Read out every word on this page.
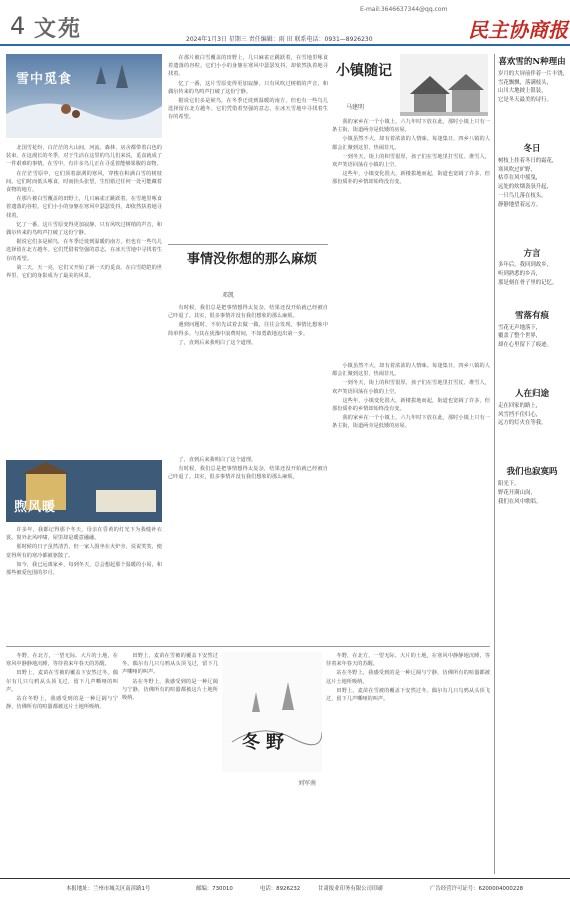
4 文苑
E-mail:3646637344@qq.com
2024年1月3日 星期三 责任编辑：雨 田 联系电话：0931—8926230	民主协商报
雪中觅食

北国雪花纷，白茫茫的大山间，河流、森林、房舍都带着白色的装束，在这漫长的冬季，对于生活在这里的鸟儿们来说，觅食就成了一件艰难的事情。在雪中，有许多鸟儿正在寻觅着能够果腹的食物。

在茫茫雪原中，它们顶着凛冽的寒风，穿梭在积满白雪的树枝间。它们时而低头啄食，时而抬头张望，生怕错过任何一处可能藏着食物的地方。

在那片被白雪覆盖的田野上，几只麻雀正跳跃着，在雪地里啄食着遗落的谷粒。它们小小的身躯在寒风中瑟瑟发抖，却依然执着地寻找着。

忆了一番，这片雪原变得更加寂静。只有风吹过树梢的声音，和偶尔传来的鸟鸣声打破了这份宁静。

据说它们多是候鸟，在冬季迁徙到温暖的南方，但也有一些鸟儿选择留在北方越冬。它们凭借着坚强的意志，在冰天雪地中寻找着生存的希望。

第二天，天一亮，它们又开始了新一天的觅食。在白雪皑皑的世界里，它们的身影成为了最美的风景。

在那片被白雪覆盖的田野上，几只麻雀正跳跃着，在雪地里啄食着遗落的谷粒。它们小小的身躯在寒风中瑟瑟发抖，却依然执着地寻找着。

忆了一番，这片雪原变得更加寂静。只有风吹过树梢的声音，和偶尔传来的鸟鸣声打破了这份宁静。

据说它们多是候鸟，在冬季迁徙到温暖的南方，但也有一些鸟儿选择留在北方越冬。它们凭借着坚强的意志，在冰天雪地中寻找着生存的希望。

小镇随记
马建明

我的家乡在一个小镇上，六九年时下放在此，那时小镇上只有一条主街，街道两旁是低矮的房屋。

小镇虽然不大，却有着浓浓的人情味。每逢集日，四乡八镇的人都会汇聚到这里，热闹非凡。

一到冬天，街上的积雪很厚，孩子们在雪地里打雪仗、堆雪人，欢声笑语回荡在小镇的上空。

这些年，小镇变化很大，新楼拔地而起，街道也宽阔了许多，但那份质朴的乡情却始终没有变。

事情没你想的那么麻烦
邓凯

有时候，我们总是把事情想得太复杂，结果还没开始就已经被自己吓退了。其实，很多事情并没有我们想象的那么麻烦。

遇到问题时，不妨先试着去做一做，往往会发现，事情比想象中简单得多。与其在犹豫中浪费时间，不如勇敢地迈出第一步。

了，直到后来我明白了这个道理。

了，直到后来我明白了这个道理。

有时候，我们总是把事情想得太复杂，结果还没开始就已经被自己吓退了。其实，很多事情并没有我们想象的那么麻烦。

煦风暖

许多年，我都记得那个冬天，母亲在昏黄的灯光下为我缝补衣裳。窗外北风呼啸，屋里却是暖意融融。

那时候的日子虽然清苦，但一家人围坐在火炉旁，说说笑笑，便觉得所有的寒冷都被驱散了。

如今，我已远离家乡，每到冬天，总会想起那个温暖的小屋，和那些被爱包围的岁月。

小镇虽然不大，却有着浓浓的人情味。每逢集日，四乡八镇的人都会汇聚到这里，热闹非凡。

一到冬天，街上的积雪很厚，孩子们在雪地里打雪仗、堆雪人，欢声笑语回荡在小镇的上空。

这些年，小镇变化很大，新楼拔地而起，街道也宽阔了许多，但那份质朴的乡情却始终没有变。

我的家乡在一个小镇上，六九年时下放在此，那时小镇上只有一条主街，街道两旁是低矮的房屋。

喜欢雪的N种理由
岁月的大屏前伴着一片丰饶，
雪花飘飘，落满枝头，
山川大地披上银装，
它是冬天最美的诗行。
冬日
树枝上挂着冬日的霜花，
寒风吹过旷野，
枯草在风中摇曳，
远处的炊烟袅袅升起，
一只鸟儿落在枝头，
静静地望着远方。
方言
多年后，我回到故乡，
听到熟悉的乡音，
那是刻在骨子里的记忆。
雪落有痕
雪花无声地落下，
覆盖了整个世界，
却在心里留下了痕迹。
人在归途
走在回家的路上，
风雪挡不住归心，
远方的灯火在等我。
我们也寂寞吗
阳光下，
野花开满山岗，
我们在风中歌唱。

冬野，在北方，一望无际。大片的土地，在寒风中静静地沉睡，等待着来年春天的苏醒。

田野上，麦苗在雪被的覆盖下安然过冬。偶尔有几只乌鸦从头顶飞过，留下几声嘶哑的叫声。

站在冬野上，我感受到的是一种辽阔与宁静，仿佛所有的喧嚣都被这片土地所吸纳。

田野上，麦苗在雪被的覆盖下安然过冬。偶尔有几只乌鸦从头顶飞过，留下几声嘶哑的叫声。

站在冬野上，我感受到的是一种辽阔与宁静，仿佛所有的喧嚣都被这片土地所吸纳。

冬野
刘军南

冬野，在北方，一望无际。大片的土地，在寒风中静静地沉睡，等待着来年春天的苏醒。

站在冬野上，我感受到的是一种辽阔与宁静，仿佛所有的喧嚣都被这片土地所吸纳。

田野上，麦苗在雪被的覆盖下安然过冬。偶尔有几只乌鸦从头顶飞过，留下几声嘶哑的叫声。

本报地址：兰州市城关区南滨路1号	邮编：730010	电话：8926232	甘肃报业印务有限公司印刷	广告经营许可证号：6200004000228
